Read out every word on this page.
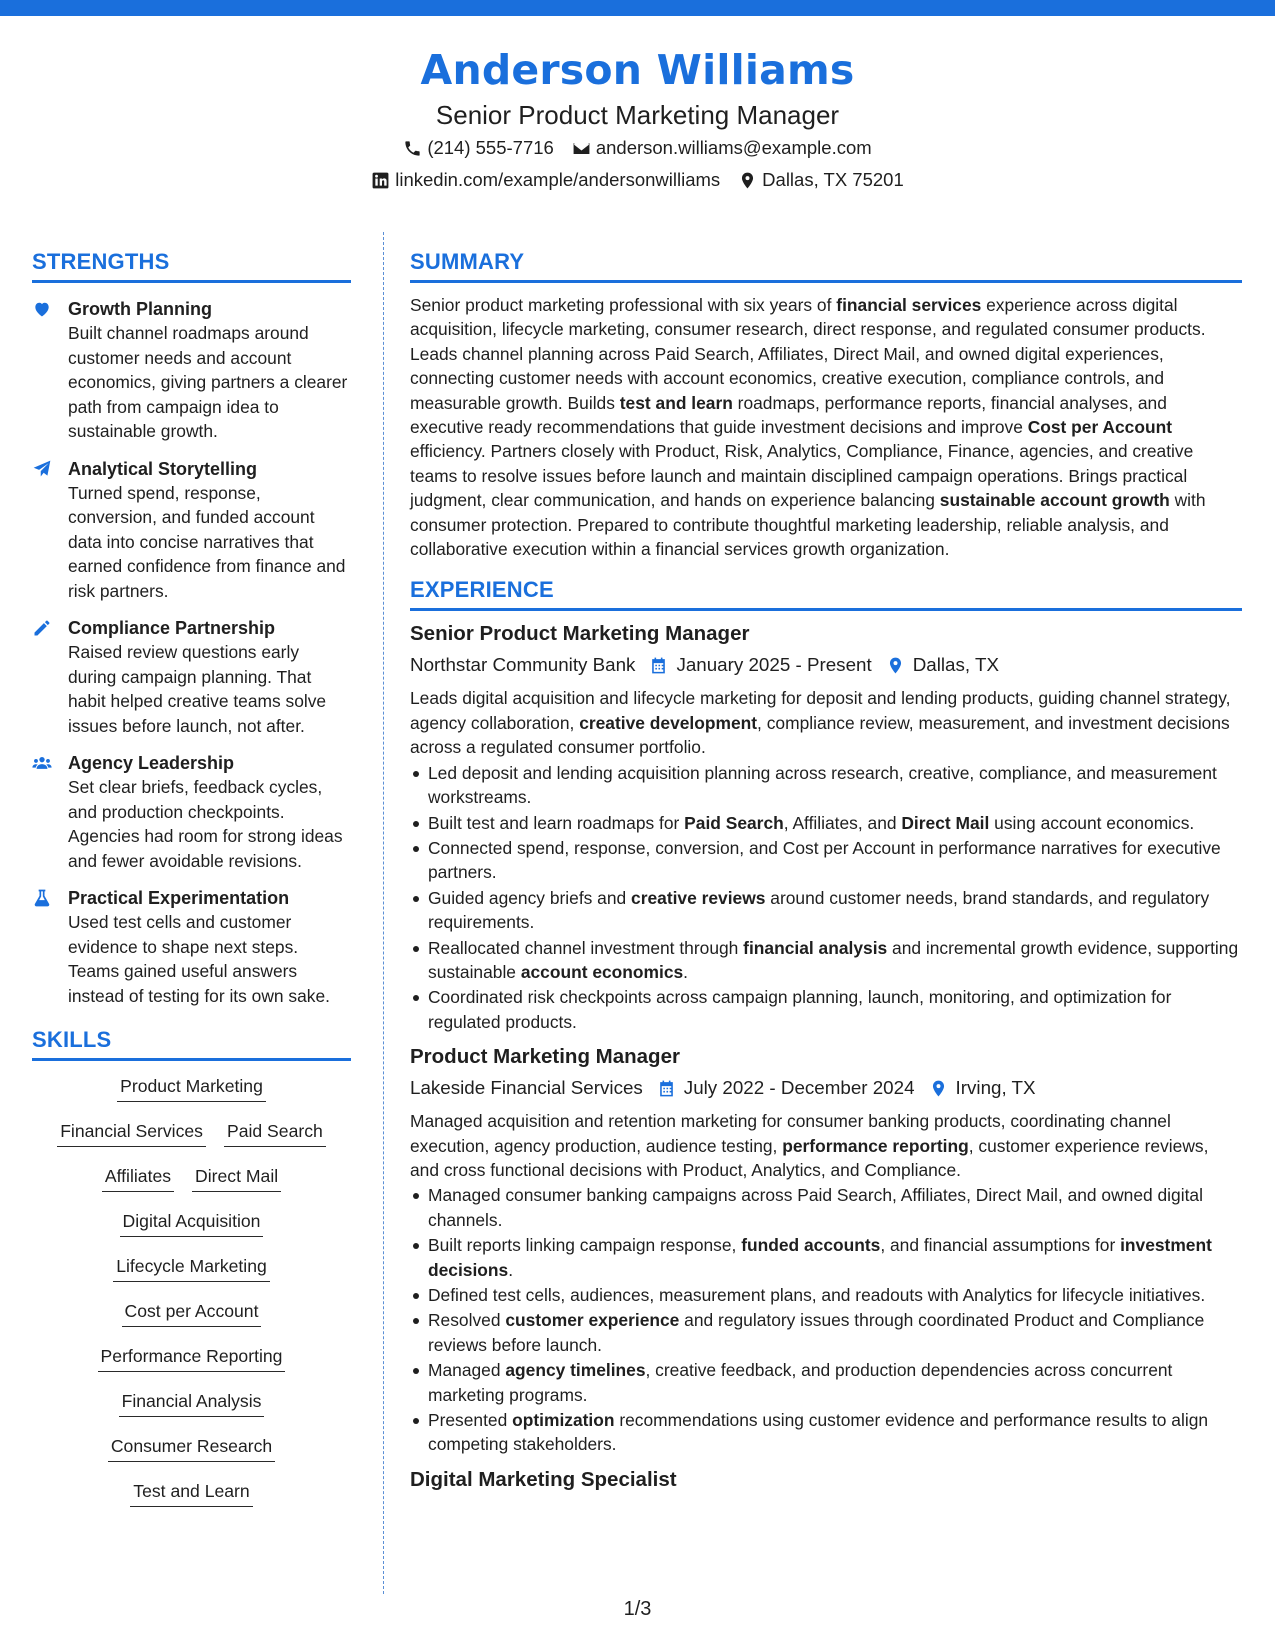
Anderson Williams
Senior Product Marketing Manager
(214) 555-7716 anderson.williams@example.com
linkedin.com/example/andersonwilliams Dallas, TX 75201
STRENGTHS
Growth Planning
Built channel roadmaps around customer needs and account economics, giving partners a clearer path from campaign idea to sustainable growth.
Analytical Storytelling
Turned spend, response, conversion, and funded account data into concise narratives that earned confidence from finance and risk partners.
Compliance Partnership
Raised review questions early during campaign planning. That habit helped creative teams solve issues before launch, not after.
Agency Leadership
Set clear briefs, feedback cycles, and production checkpoints. Agencies had room for strong ideas and fewer avoidable revisions.
Practical Experimentation
Used test cells and customer evidence to shape next steps. Teams gained useful answers instead of testing for its own sake.
SKILLS
Product Marketing
Financial Services Paid Search
Affiliates Direct Mail
Digital Acquisition
Lifecycle Marketing
Cost per Account
Performance Reporting
Financial Analysis
Consumer Research
Test and Learn
SUMMARY

Senior product marketing professional with six years of financial services experience across digital acquisition, lifecycle marketing, consumer research, direct response, and regulated consumer products. Leads channel planning across Paid Search, Affiliates, Direct Mail, and owned digital experiences, connecting customer needs with account economics, creative execution, compliance controls, and measurable growth. Builds test and learn roadmaps, performance reports, financial analyses, and executive ready recommendations that guide investment decisions and improve Cost per Account efficiency. Partners closely with Product, Risk, Analytics, Compliance, Finance, agencies, and creative teams to resolve issues before launch and maintain disciplined campaign operations. Brings practical judgment, clear communication, and hands on experience balancing sustainable account growth with consumer protection. Prepared to contribute thoughtful marketing leadership, reliable analysis, and collaborative execution within a financial services growth organization.

EXPERIENCE
Senior Product Marketing Manager
Northstar Community Bank January 2025 - Present Dallas, TX

Leads digital acquisition and lifecycle marketing for deposit and lending products, guiding channel strategy, agency collaboration, creative development, compliance review, measurement, and investment decisions across a regulated consumer portfolio.

Led deposit and lending acquisition planning across research, creative, compliance, and measurement workstreams.
Built test and learn roadmaps for Paid Search, Affiliates, and Direct Mail using account economics.
Connected spend, response, conversion, and Cost per Account in performance narratives for executive partners.
Guided agency briefs and creative reviews around customer needs, brand standards, and regulatory requirements.
Reallocated channel investment through financial analysis and incremental growth evidence, supporting sustainable account economics.
Coordinated risk checkpoints across campaign planning, launch, monitoring, and optimization for regulated products.
Product Marketing Manager
Lakeside Financial Services July 2022 - December 2024 Irving, TX

Managed acquisition and retention marketing for consumer banking products, coordinating channel execution, agency production, audience testing, performance reporting, customer experience reviews, and cross functional decisions with Product, Analytics, and Compliance.

Managed consumer banking campaigns across Paid Search, Affiliates, Direct Mail, and owned digital channels.
Built reports linking campaign response, funded accounts, and financial assumptions for investment decisions.
Defined test cells, audiences, measurement plans, and readouts with Analytics for lifecycle initiatives.
Resolved customer experience and regulatory issues through coordinated Product and Compliance reviews before launch.
Managed agency timelines, creative feedback, and production dependencies across concurrent marketing programs.
Presented optimization recommendations using customer evidence and performance results to align competing stakeholders.
Digital Marketing Specialist
1/3
